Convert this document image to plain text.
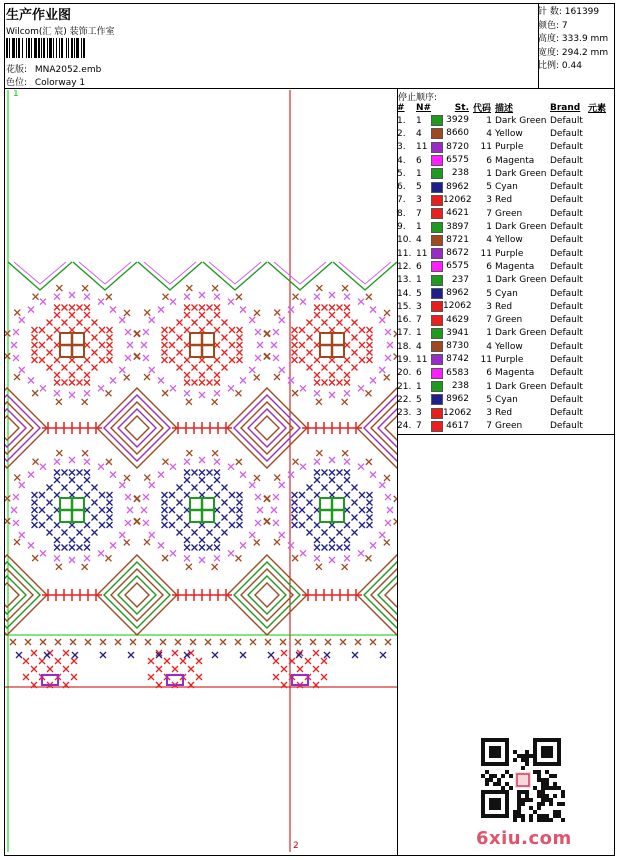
生产作业图
Wilcom(汇 宸) 装饰工作室
花版: MNA2052.emb
色位: Colorway 1
针 数: 161399
颜色: 7
高度: 333.9 mm
宽度: 294.2 mm
比例: 0.44
停止顺序:
#	N#	St.	代码	描述	Brand	元素
1.	1	3929	1	Dark Green	Default	
2.	4	8660	4	Yellow	Default	
3.	11	8720	11	Purple	Default	
4.	6	6575	6	Magenta	Default	
5.	1	238	1	Dark Green	Default	
6.	5	8962	5	Cyan	Default	
7.	3	12062	3	Red	Default	
8.	7	4621	7	Green	Default	
9.	1	3897	1	Dark Green	Default	
10.	4	8721	4	Yellow	Default	
11.	11	8672	11	Purple	Default	
12.	6	6575	6	Magenta	Default	
13.	1	237	1	Dark Green	Default	
14.	5	8962	5	Cyan	Default	
15.	3	12062	3	Red	Default	
16.	7	4629	7	Green	Default	
17.	1	3941	1	Dark Green	Default	
18.	4	8730	4	Yellow	Default	
19.	11	8742	11	Purple	Default	
20.	6	6583	6	Magenta	Default	
21.	1	238	1	Dark Green	Default	
22.	5	8962	5	Cyan	Default	
23.	3	12062	3	Red	Default	
24.	7	4617	7	Green	Default	
1
2	6xiu.com
